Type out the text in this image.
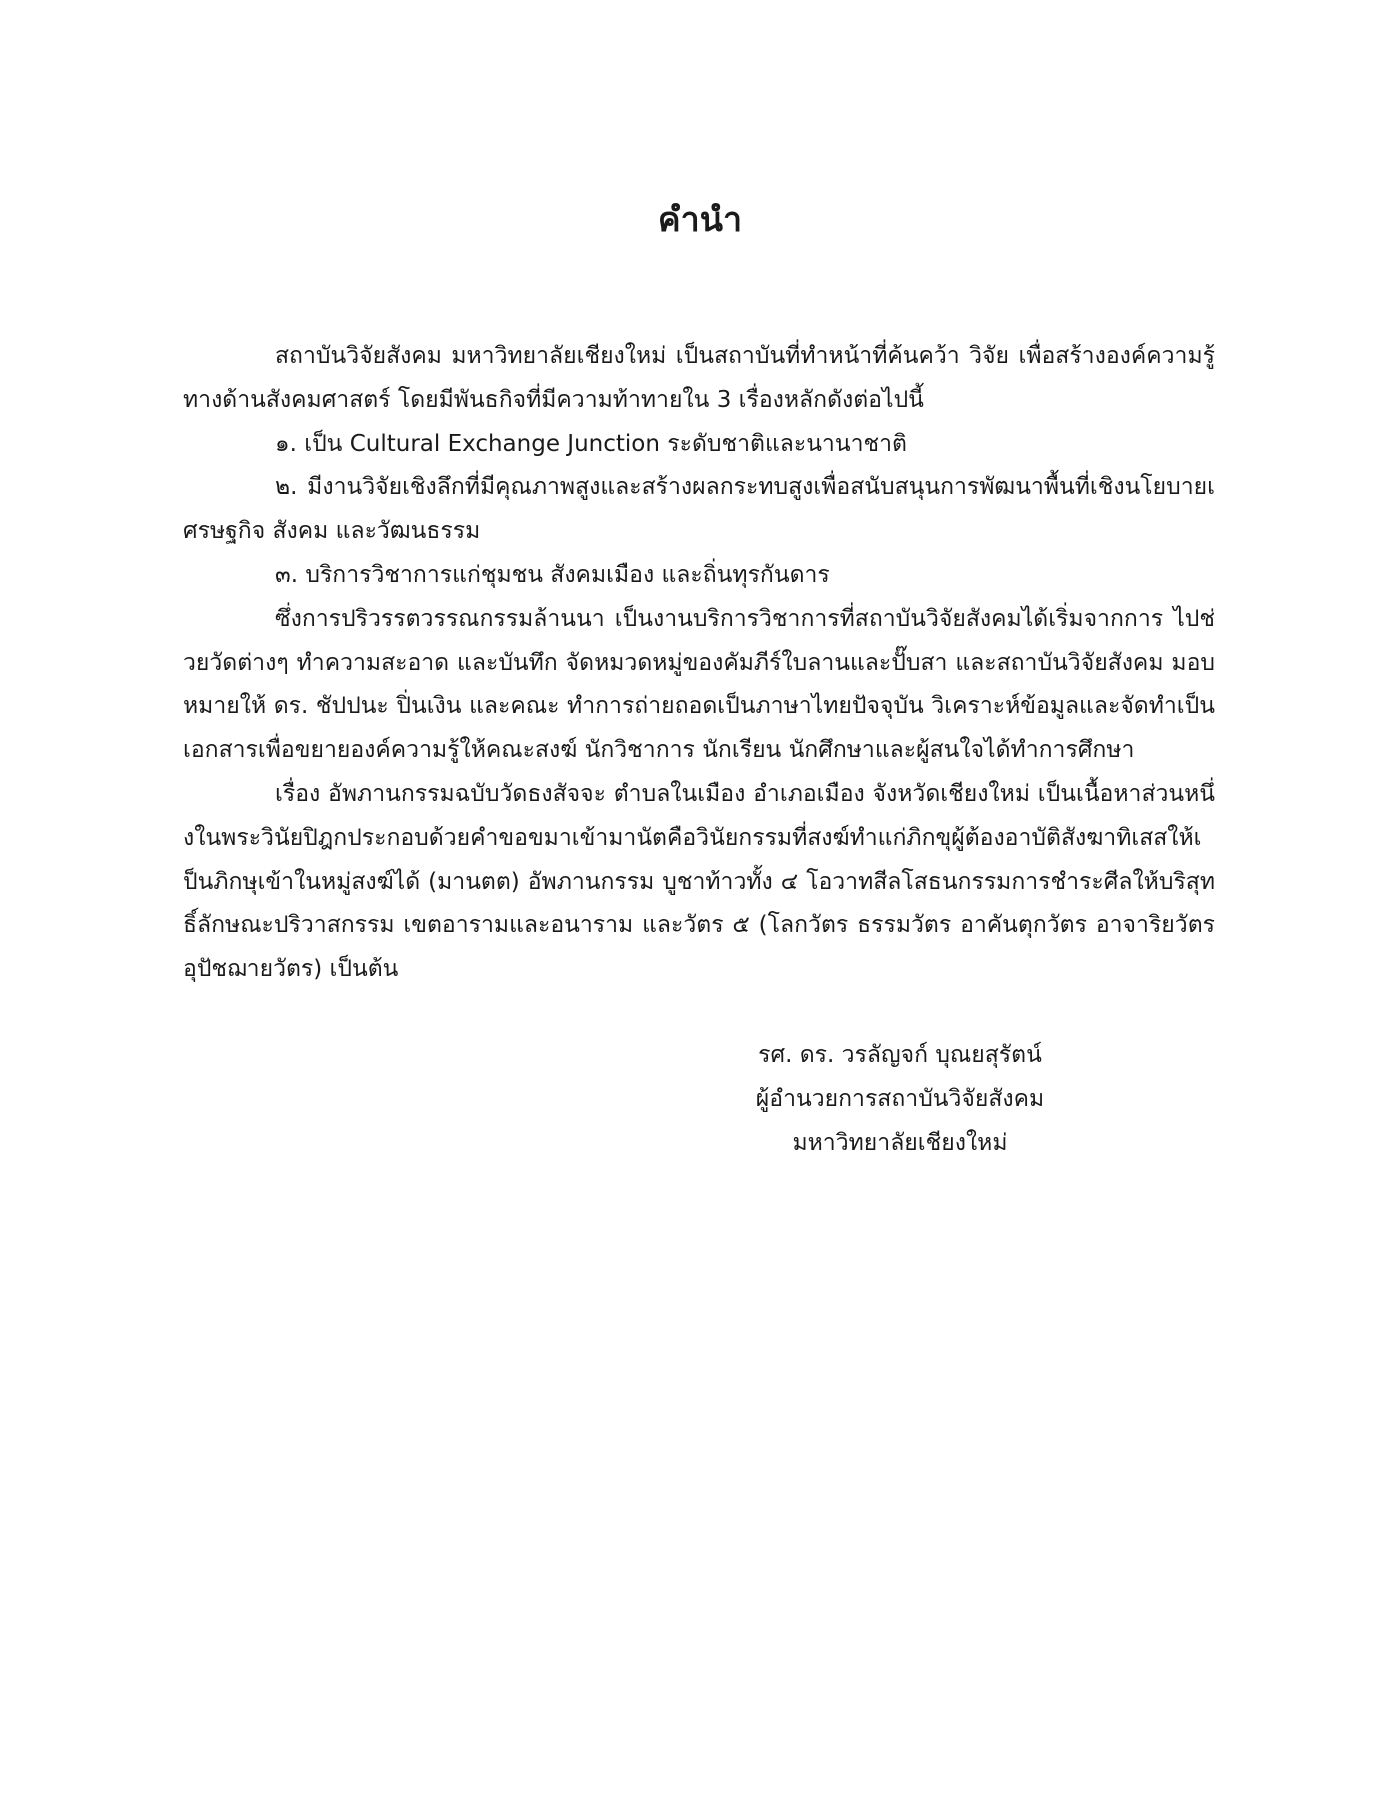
คำนำ

สถาบันวิจัยสังคม มหาวิทยาลัยเชียงใหม่ เป็นสถาบันที่ทำหน้าที่ค้นคว้า วิจัย เพื่อสร้างองค์ความรู้ทางด้านสังคมศาสตร์ โดยมีพันธกิจที่มีความท้าทายใน 3 เรื่องหลักดังต่อไปนี้

๑. เป็น Cultural Exchange Junction ระดับชาติและนานาชาติ

๒. มีงานวิจัยเชิงลึกที่มีคุณภาพสูงและสร้างผลกระทบสูงเพื่อสนับสนุนการพัฒนาพื้นที่เชิงนโยบายเศรษฐกิจ สังคม และวัฒนธรรม

๓. บริการวิชาการแก่ชุมชน สังคมเมือง และถิ่นทุรกันดาร

ซึ่งการปริวรรตวรรณกรรมล้านนา เป็นงานบริการวิชาการที่สถาบันวิจัยสังคมได้เริ่มจากการ ไปช่วยวัดต่างๆ ทำความสะอาด และบันทึก จัดหมวดหมู่ของคัมภีร์ใบลานและปั๊บสา และสถาบันวิจัยสังคม มอบหมายให้ ดร. ชัปปนะ ปิ่นเงิน และคณะ ทำการถ่ายถอดเป็นภาษาไทยปัจจุบัน วิเคราะห์ข้อมูลและจัดทำเป็นเอกสารเพื่อขยายองค์ความรู้ให้คณะสงฆ์ นักวิชาการ นักเรียน นักศึกษาและผู้สนใจได้ทำการศึกษา

เรื่อง อัพภานกรรมฉบับวัดธงสัจจะ ตำบลในเมือง อำเภอเมือง จังหวัดเชียงใหม่ เป็นเนื้อหาส่วนหนึ่งในพระวินัยปิฎกประกอบด้วยคำขอขมาเข้ามานัตคือวินัยกรรมที่สงฆ์ทำแก่ภิกขุผู้ต้องอาบัติสังฆาทิเสสให้เป็นภิกษุเข้าในหมู่สงฆ์ได้ (มานตต) อัพภานกรรม บูชาท้าวทั้ง ๔ โอวาทสีลโสธนกรรมการชำระศีลให้บริสุทธิ์ลักษณะปริวาสกรรม เขตอารามและอนาราม และวัตร ๕ (โลกวัตร ธรรมวัตร อาคันตุกวัตร อาจาริยวัตร อุปัชฌายวัตร) เป็นต้น

รศ. ดร. วรลัญจก์ บุณยสุรัตน์
ผู้อำนวยการสถาบันวิจัยสังคม
มหาวิทยาลัยเชียงใหม่
